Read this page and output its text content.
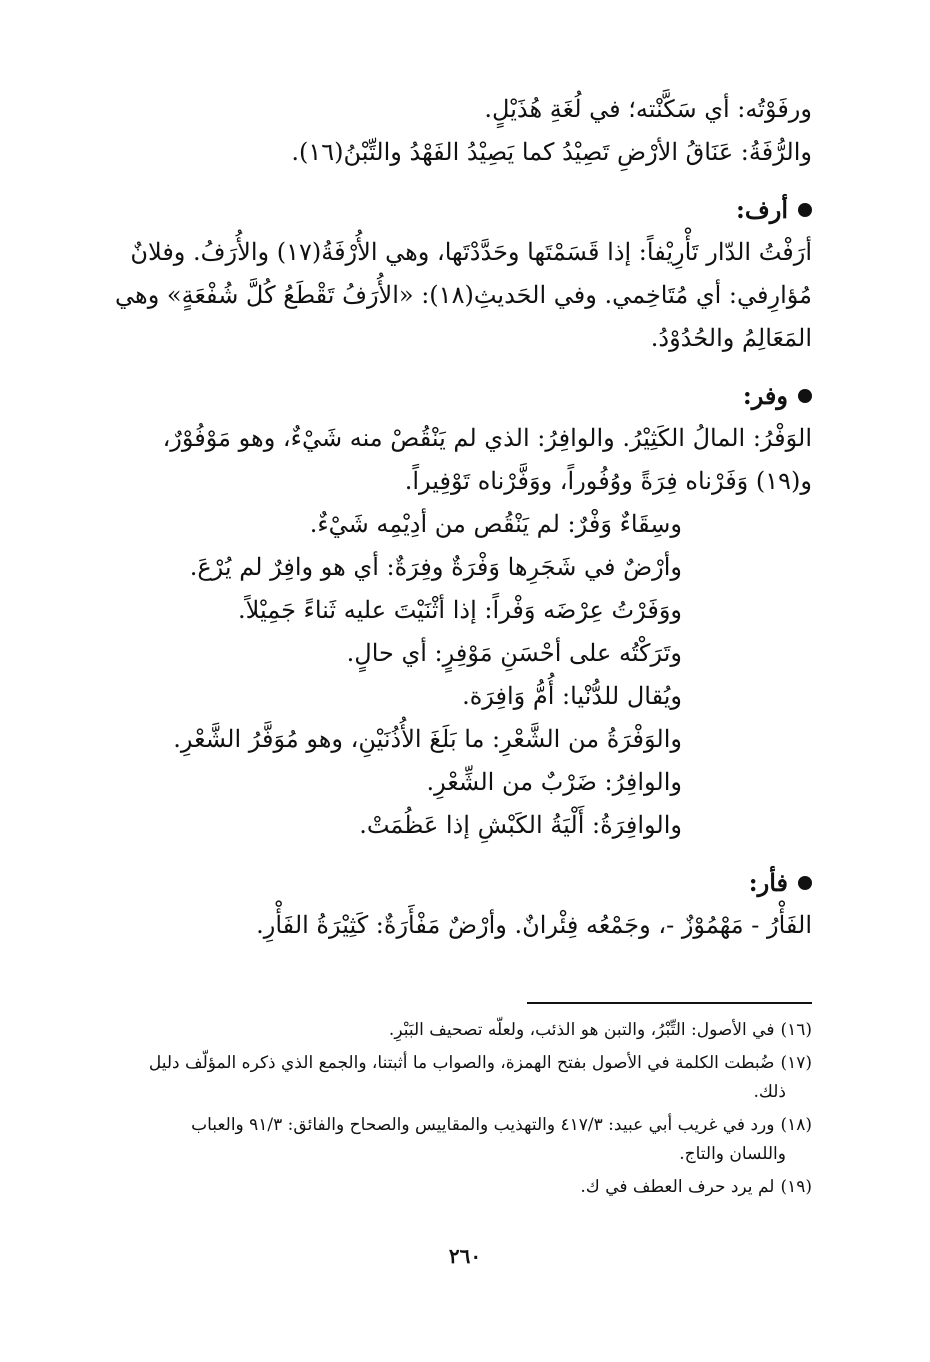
ورفَوْتُه: أي سَكَّنْته؛ في لُغَةِ هُذَيْلٍ.
والرُّفَةُ: عَنَاقُ الأرْضِ تَصِيْدُ كما يَصِيْدُ الفَهْدُ والتِّبْنُ(١٦).
أرف:
أرَفْتُ الدّار تَأْرِيْفاً: إذا قَسَمْتَها وحَدَّدْتَها، وهي الأُرْفَةُ(١٧) والأُرَفُ. وفلانٌ
مُؤارِفي: أي مُتَاخِمي. وفي الحَديثِ(١٨): «الأُرَفُ تَقْطَعُ كُلَّ شُفْعَةٍ» وهي
المَعَالِمُ والحُدُوْدُ.
وفر:
الوَفْرُ: المالُ الكَثِيْرُ. والوافِرُ: الذي لم يَنْقُصْ منه شَيْءٌ، وهو مَوْفُوْرٌ،
و(١٩) وَفَرْناه فِرَةً ووُفُوراً، ووَفَّرْناه تَوْفِيراً.
وسِقَاءٌ وَفْرٌ: لم يَنْقُص من أدِيْمِه شَيْءٌ.
وأرْضٌ في شَجَرِها وَفْرَةٌ وفِرَةٌ: أي هو وافِرٌ لم يُرْعَ.
ووَفَرْتُ عِرْضَه وَفْراً: إذا أثْنَيْتَ عليه ثَناءً جَمِيْلاً.
وتَرَكْتُه على أحْسَنِ مَوْفِرٍ: أي حالٍ.
ويُقال للدُّنْيا: أُمُّ وَافِرَة.
والوَفْرَةُ من الشَّعْرِ: ما بَلَغَ الأُذُنَيْنِ، وهو مُوَفَّرُ الشَّعْرِ.
والوافِرُ: ضَرْبٌ من الشِّعْرِ.
والوافِرَةُ: أَلْيَةُ الكَبْشِ إذا عَظُمَتْ.
فأر:
الفَأْرُ - مَهْمُوْزٌ -، وجَمْعُه فِئْرانٌ. وأرْضٌ مَفْأَرَةٌ: كَثِيْرَةُ الفَأْرِ.
(١٦)في الأصول: التِّبْرُ، والتبن هو الذئب، ولعلّه تصحيف البَبْرِ.
(١٧)ضُبطت الكلمة في الأصول بفتح الهمزة، والصواب ما أثبتنا، والجمع الذي ذكره المؤلّف دليل
ذلك.
(١٨)ورد في غريب أبي عبيد: ٤١٧/٣ والتهذيب والمقاييس والصحاح والفائق: ٩١/٣ والعباب
واللسان والتاج.
(١٩)لم يرد حرف العطف في ك.
٢٦٠
